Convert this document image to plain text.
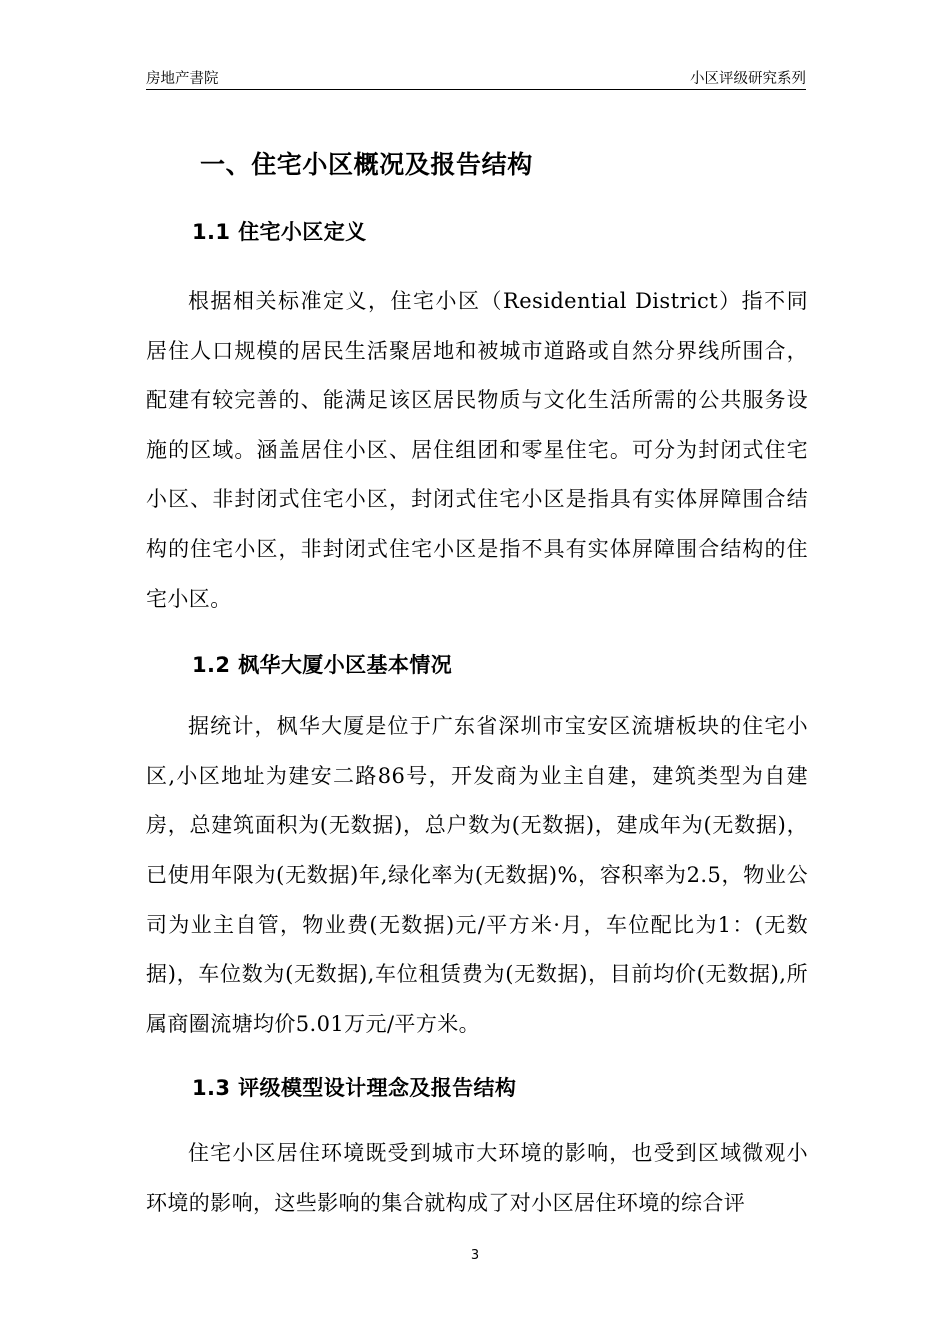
房地产書院	小区评级研究系列
一、住宅小区概况及报告结构
1.1 住宅小区定义

根据相关标准定义，住宅小区（Residential District）指不同居住人口规模的居民生活聚居地和被城市道路或自然分界线所围合，配建有较完善的、能满足该区居民物质与文化生活所需的公共服务设施的区域。涵盖居住小区、居住组团和零星住宅。可分为封闭式住宅小区、非封闭式住宅小区，封闭式住宅小区是指具有实体屏障围合结构的住宅小区，非封闭式住宅小区是指不具有实体屏障围合结构的住宅小区。

1.2 枫华大厦小区基本情况

据统计，枫华大厦是位于广东省深圳市宝安区流塘板块的住宅小区,小区地址为建安二路86号，开发商为业主自建，建筑类型为自建房，总建筑面积为(无数据)，总户数为(无数据)，建成年为(无数据)，已使用年限为(无数据)年,绿化率为(无数据)%，容积率为2.5，物业公司为业主自管，物业费(无数据)元/平方米·月，车位配比为1：(无数据)，车位数为(无数据),车位租赁费为(无数据)，目前均价(无数据),所属商圈流塘均价5.01万元/平方米。

1.3 评级模型设计理念及报告结构

住宅小区居住环境既受到城市大环境的影响，也受到区域微观小环境的影响，这些影响的集合就构成了对小区居住环境的综合评

3
